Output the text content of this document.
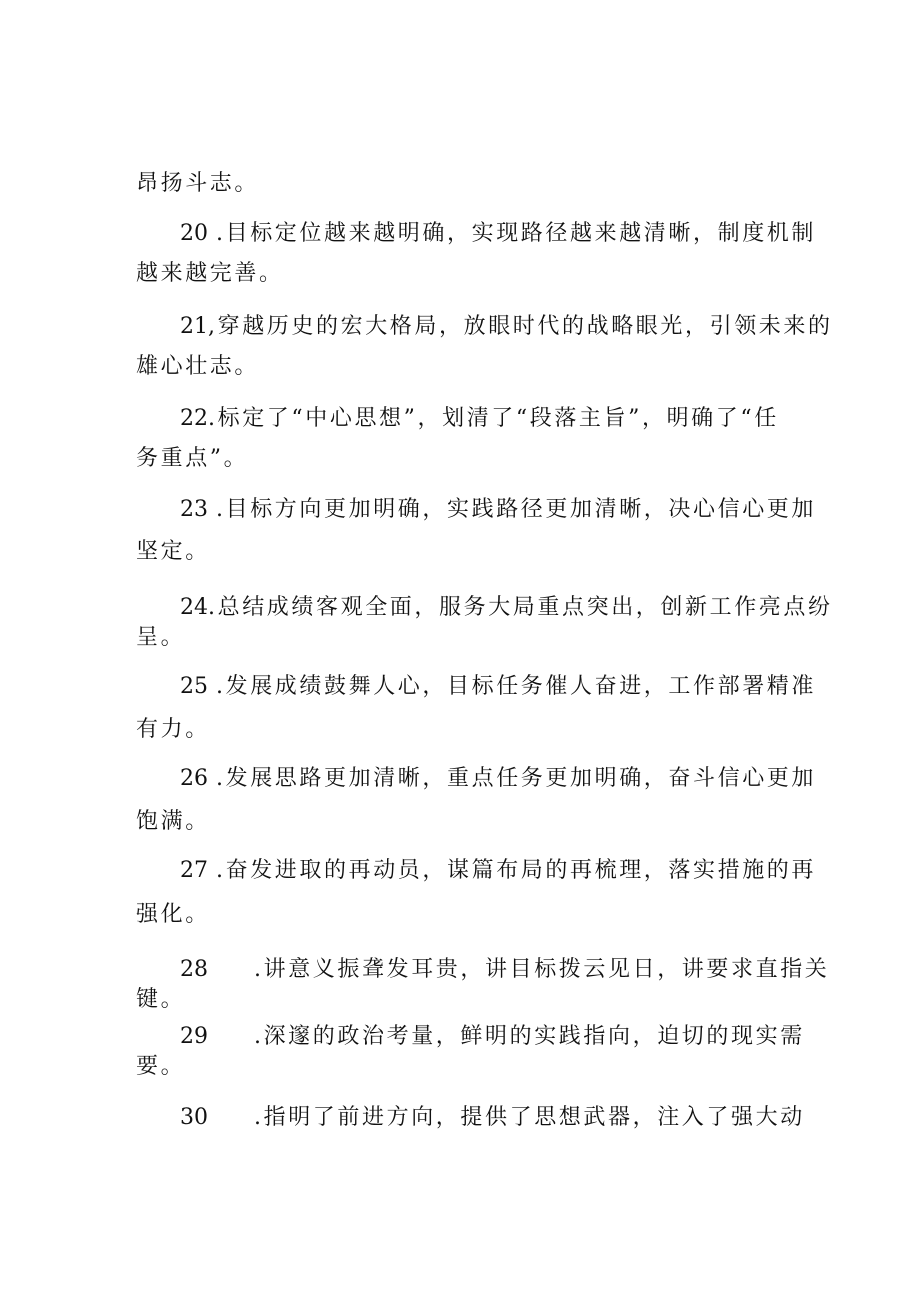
昂扬斗志。
20 .目标定位越来越明确，实现路径越来越清晰，制度机制
越来越完善。
21,穿越历史的宏大格局，放眼时代的战略眼光，引领未来的
雄心壮志。
22.标定了“中心思想”，划清了“段落主旨”，明确了“任
务重点”。
23 .目标方向更加明确，实践路径更加清晰，决心信心更加
坚定。
24.总结成绩客观全面，服务大局重点突出，创新工作亮点纷
呈。
25 .发展成绩鼓舞人心，目标任务催人奋进，工作部署精准
有力。
26 .发展思路更加清晰，重点任务更加明确，奋斗信心更加
饱满。
27 .奋发进取的再动员，谋篇布局的再梳理，落实措施的再
强化。
28 .讲意义振聋发耳贵，讲目标拨云见日，讲要求直指关
键。
29 .深邃的政治考量，鲜明的实践指向，迫切的现实需
要。
30 .指明了前进方向，提供了思想武器，注入了强大动
